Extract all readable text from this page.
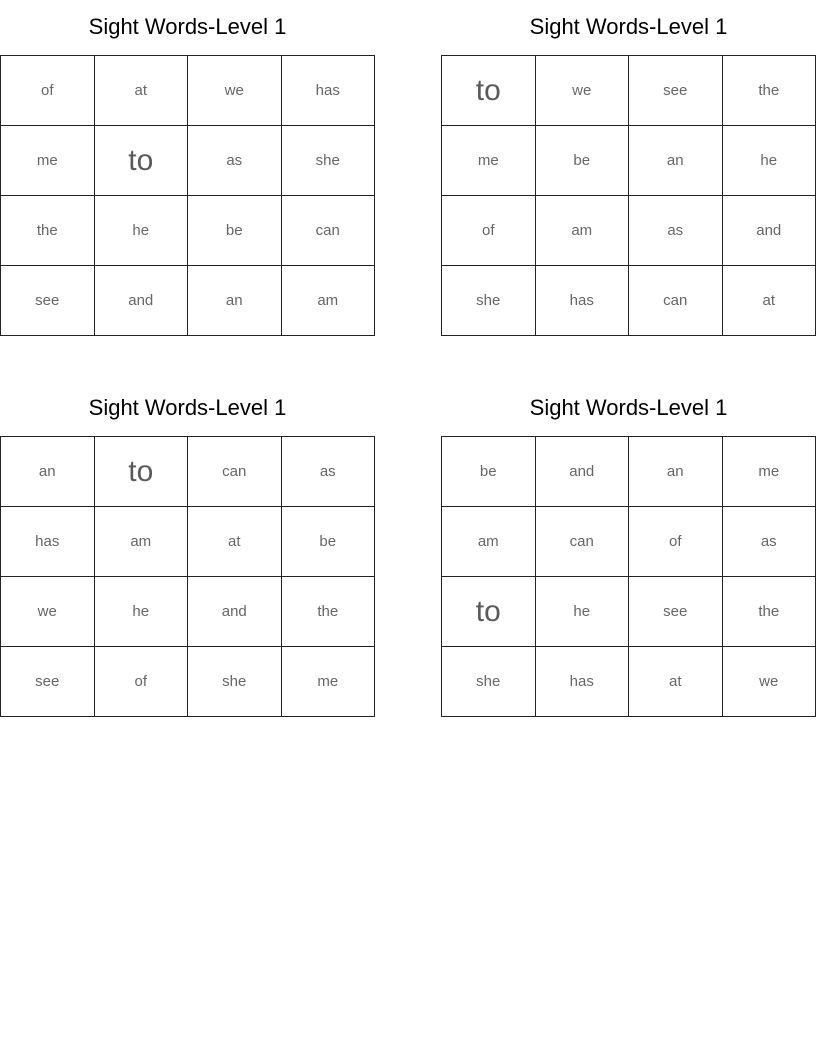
Sight Words-Level 1
of	at	we	has
me	to	as	she
the	he	be	can
see	and	an	am
Sight Words-Level 1
to	we	see	the
me	be	an	he
of	am	as	and
she	has	can	at
Sight Words-Level 1
an	to	can	as
has	am	at	be
we	he	and	the
see	of	she	me
Sight Words-Level 1
be	and	an	me
am	can	of	as
to	he	see	the
she	has	at	we
